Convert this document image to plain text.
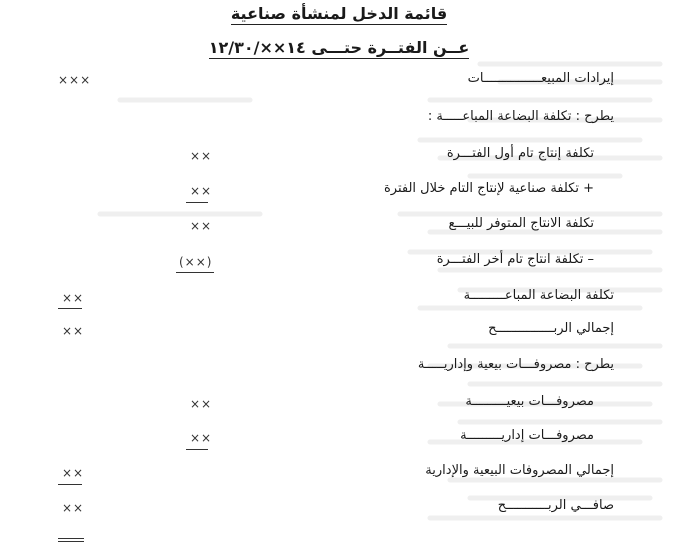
قائمة الدخل لمنشأة صناعية
عــن الفتــرة حتـــى ١٤××/١٢/٣٠
إيرادات المبيعـــــــــــــــات
×××
يطرح : تكلفة البضاعة المباعـــــة :
تكلفة إنتاج تام أول الفتـــرة
××
+ تكلفة صناعية لإنتاج التام خلال الفترة
××
تكلفة الانتاج المتوفر للبيـــع
××
– تكلفة انتاج تام أخر الفتـــرة
(××)
تكلفة البضاعة المباعـــــــــة
××
إجمالي الربـــــــــــــــح
××
يطرح : مصروفـــات بيعية وإداريـــــة
مصروفـــات بيعيـــــــــة
××
مصروفـــات إداريـــــــــة
××
إجمالي المصروفات البيعية والإدارية
××
صافـــي الربـــــــــــح
××
